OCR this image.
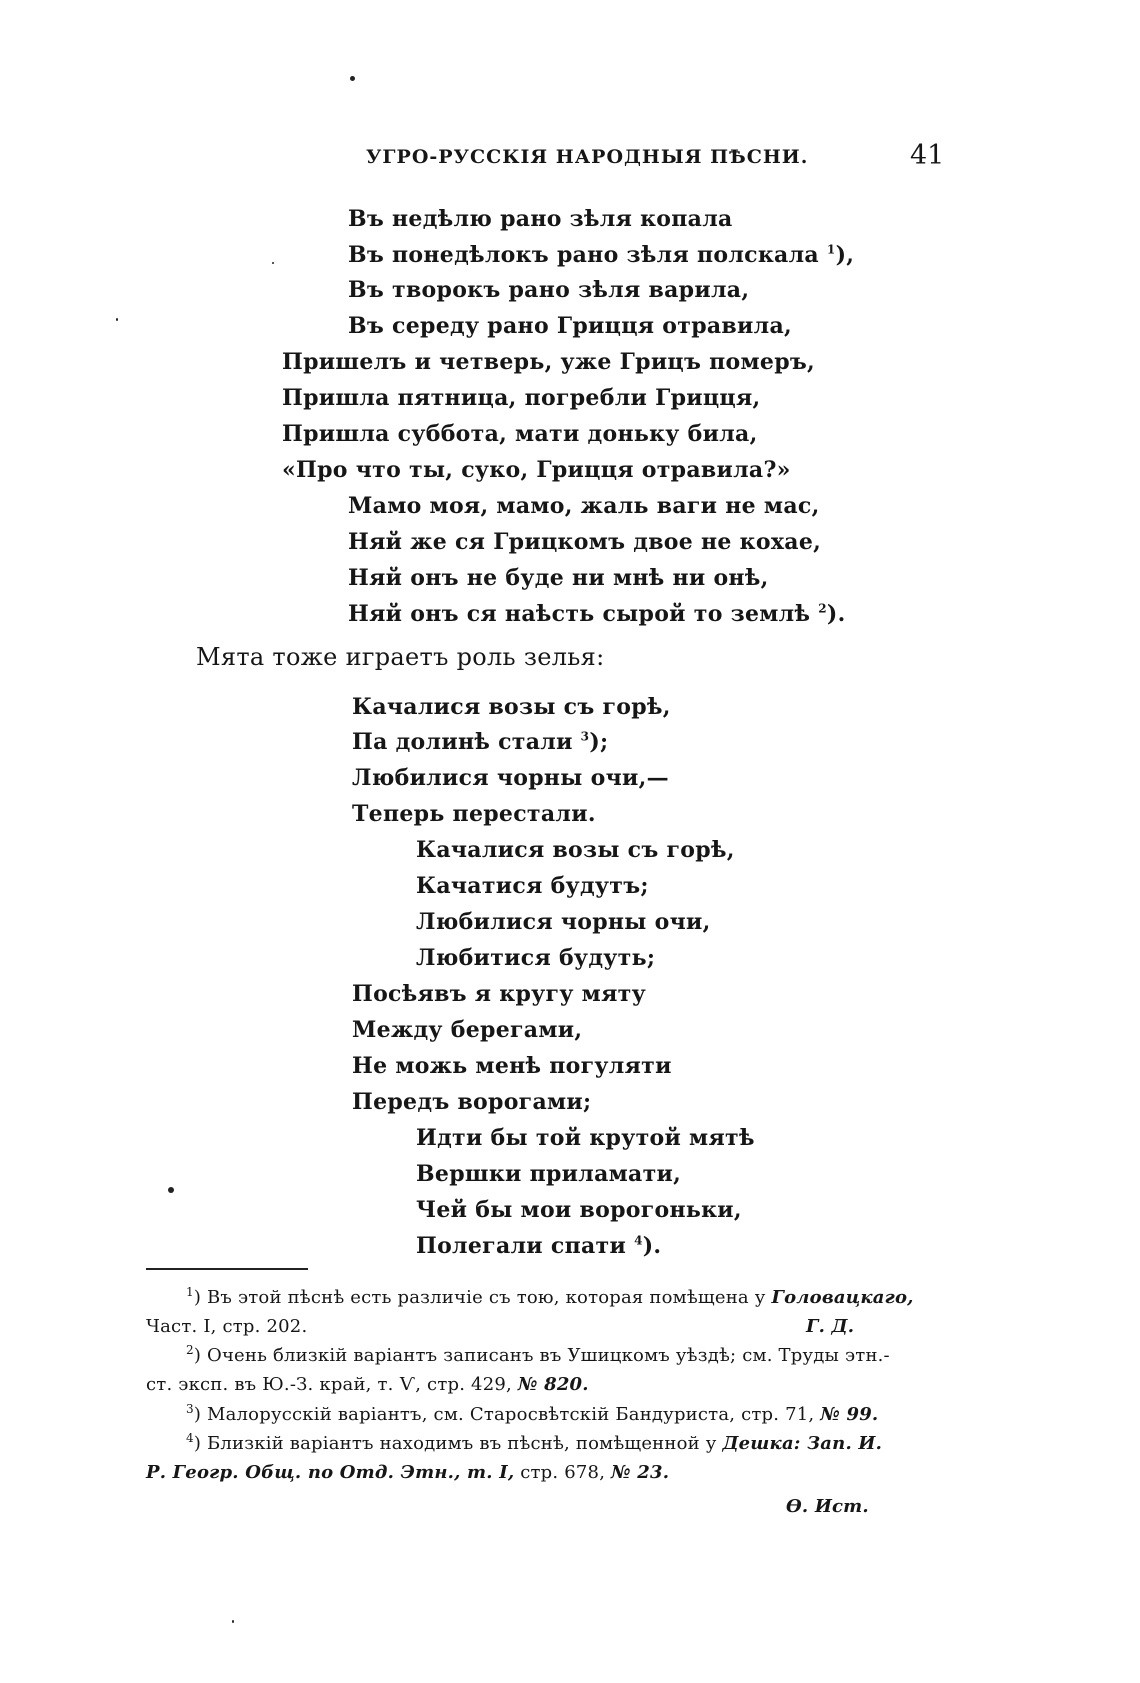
УГРО-РУССКІЯ НАРОДНЫЯ ПѢСНИ.	41
Въ недѣлю рано зѣля копала
Въ понедѣлокъ рано зѣля полскала $^1$),
Въ творокъ рано зѣля варила,
Въ середу рано Грицця отравила,
Пришелъ и четверь, уже Грицъ померъ,
Пришла пятница, погребли Грицця,
Пришла суббота, мати доньку била,
«Про что ты, суко, Грицця отравила?»
Мамо моя, мамо, жаль ваги не мас,
Няй же ся Грицкомъ двое не кохае,
Няй онъ не буде ни мнѣ ни онѣ,
Няй онъ ся наѣсть сырой то землѣ $^2$).
Мята тоже играетъ роль зелья:
Качалися возы съ горѣ,
Па долинѣ стали $^3$);
Любилися чорны очи,—
Теперь перестали.
Качалися возы съ горѣ,
Качатися будутъ;
Любилися чорны очи,
Любитися будуть;
Посѣявъ я кругу мяту
Между берегами,
Не можь менѣ погуляти
Передъ ворогами;
Идти бы той крутой мятѣ
Вершки приламати,
Чей бы мои ворогоньки,
Полегали спати $^4$).
$^1$) Въ этой пѣснѣ есть различіе съ тою, которая помѣщена у Головацкаго,
Част. I, стр. 202.	Г. Д.
$^2$) Очень близкій варіантъ записанъ въ Ушицкомъ уѣздѣ; см. Труды этн.-
ст. эксп. въ Ю.-З. край, т. Ѵ, стр. 429, № 820.
$^3$) Малорусскій варіантъ, см. Старосвѣтскій Бандуриста, стр. 71, № 99.
$^4$) Близкій варіантъ находимъ въ пѣснѣ, помѣщенной у Дешка: Зап. И.
Р. Геогр. Общ. по Отд. Этн., т. I, стр. 678, № 23.
Ѳ. Ист.
